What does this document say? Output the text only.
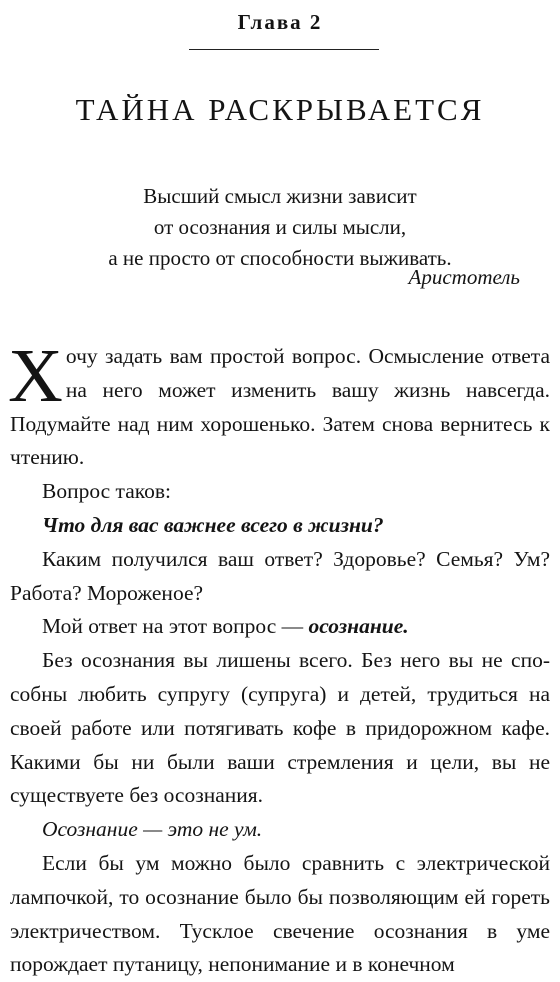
Глава 2
ТАЙНА РАСКРЫВАЕТСЯ
Высший смысл жизни зависит
от осознания и силы мысли,
а не просто от способности выживать.
Аристотель

Хочу задать вам простой вопрос. Осмысление ответа на него может изменить вашу жизнь навсегда. Подумайте над ним хорошенько. Затем снова вернитесь к чтению.

Вопрос таков:

Что для вас важнее всего в жизни?

Каким получился ваш ответ? Здоровье? Семья? Ум? Работа? Мороженое?

Мой ответ на этот вопрос — осознание.

Без осознания вы лишены всего. Без него вы не способны любить супругу (супруга) и детей, трудиться на своей работе или потягивать кофе в придорожном кафе. Какими бы ни были ваши стремления и цели, вы не существуете без осознания.

Осознание — это не ум.

Если бы ум можно было сравнить с электрической лампочкой, то осознание было бы позволяющим ей гореть электричеством. Тусклое свечение осознания в уме порождает путаницу, непонимание и в конечном
